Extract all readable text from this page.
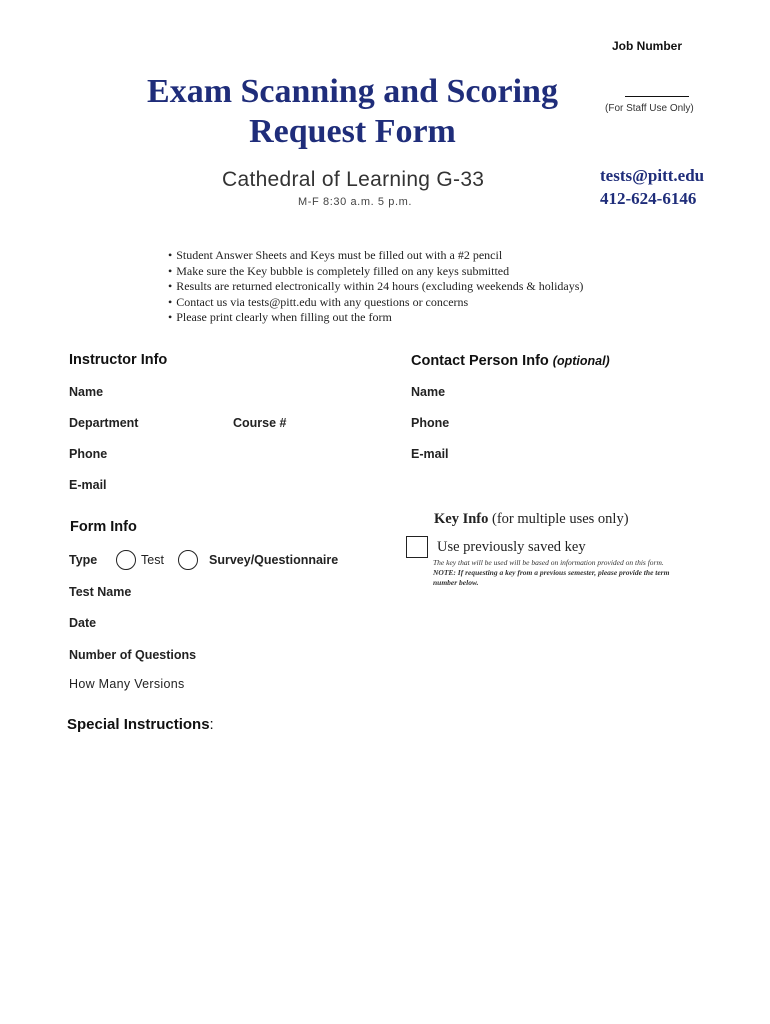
Job Number
(For Staff Use Only)
Exam Scanning and Scoring
Request Form
Cathedral of Learning G-33
M-F 8:30 a.m. 5 p.m.
tests@pitt.edu
412-624-6146
• Student Answer Sheets and Keys must be filled out with a #2 pencil
• Make sure the Key bubble is completely filled on any keys submitted
• Results are returned electronically within 24 hours (excluding weekends & holidays)
• Contact us via tests@pitt.edu with any questions or concerns
• Please print clearly when filling out the form
Instructor Info
Name
Department	Course #
Phone
E-mail
Contact Person Info (optional)
Name
Phone
E-mail
Form Info
Type	Test	Survey/Questionnaire
Test Name
Date
Number of Questions
How Many Versions
Key Info (for multiple uses only)
Use previously saved key
The key that will be used will be based on information provided on this form.
NOTE: If requesting a key from a previous semester, please provide the term number below.
Special Instructions:
